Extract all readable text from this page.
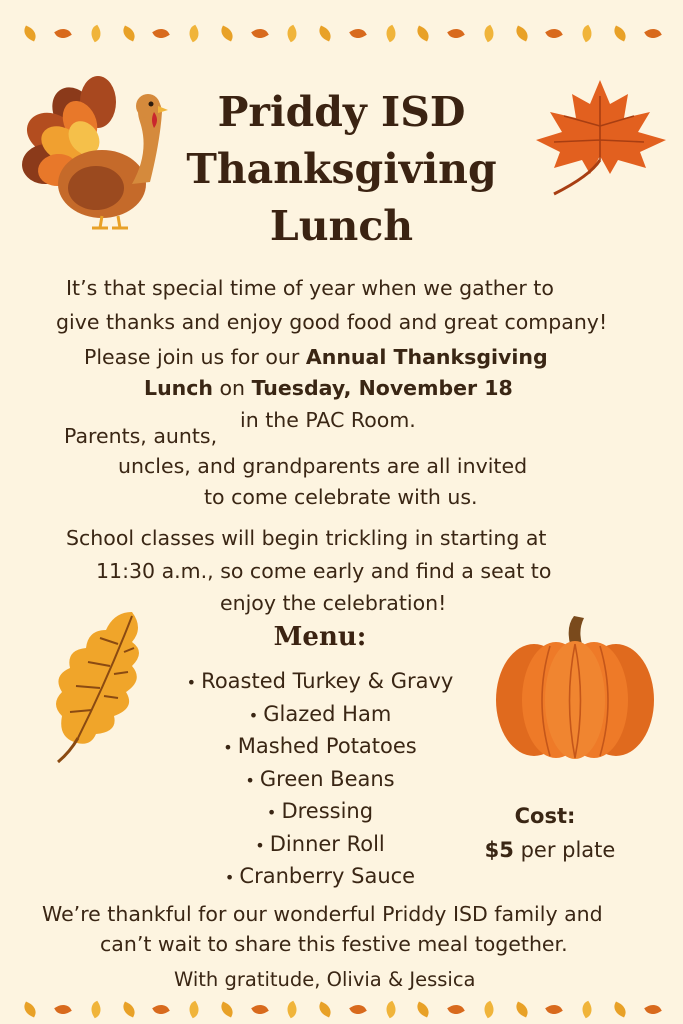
Priddy ISD
Thanksgiving
Lunch
It’s that special time of year when we gather to
give thanks and enjoy good food and great company!
Please join us for our Annual Thanksgiving
Lunch on Tuesday, November 18
in the PAC Room.
Parents, aunts,
uncles, and grandparents are all invited
to come celebrate with us.
School classes will begin trickling in starting at
11:30 a.m., so come early and find a seat to
enjoy the celebration!
Menu:
• Roasted Turkey & Gravy
• Glazed Ham
• Mashed Potatoes
• Green Beans
• Dressing
• Dinner Roll
• Cranberry Sauce
Cost:
$5 per plate
We’re thankful for our wonderful Priddy ISD family and
can’t wait to share this festive meal together.
With gratitude, Olivia & Jessica
